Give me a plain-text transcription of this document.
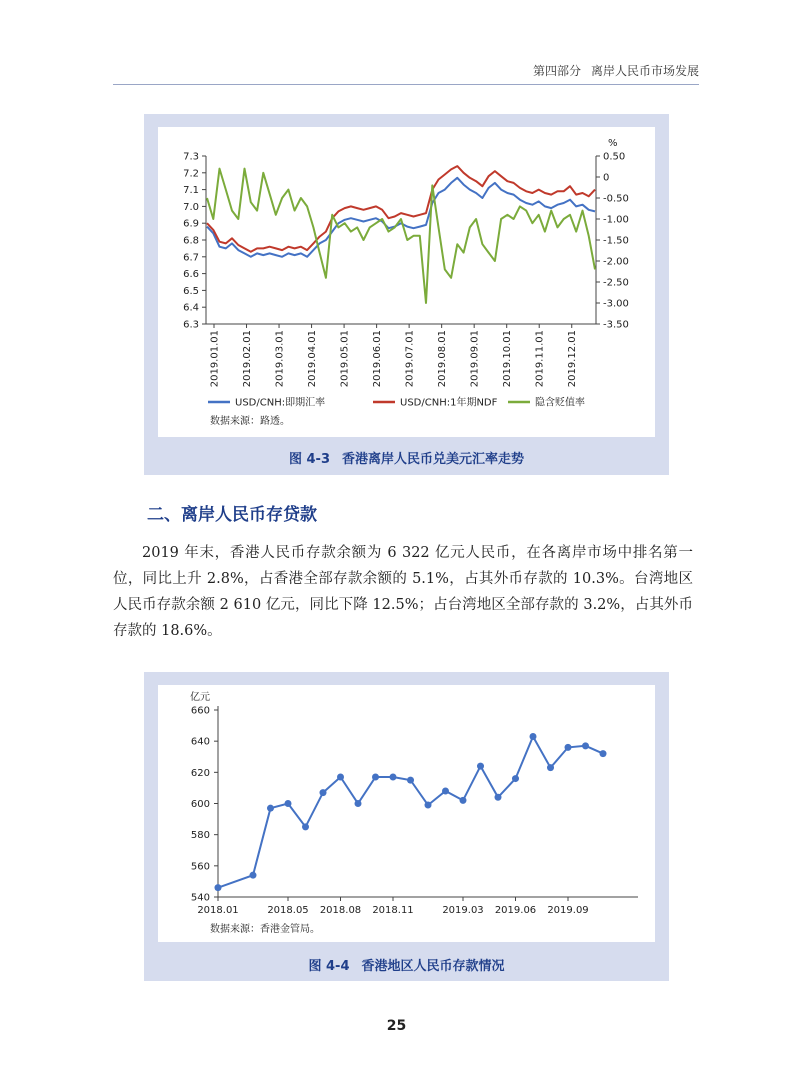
第四部分 离岸人民币市场发展
7.3
7.2
7.1
7.0
6.9
6.8
6.7
6.6
6.5
6.4
6.3
0.50
0
-0.50
-1.00
-1.50
-2.00
-2.50
-3.00
-3.50
%
2019.01.01 2019.02.01 2019.03.01 2019.04.01 2019.05.01 2019.06.01 2019.07.01 2019.08.01 2019.09.01 2019.10.01 2019.11.01 2019.12.01
USD/CNH:即期汇率	USD/CNH:1年期NDF	隐含贬值率
数据来源：路透。
图 4-3 香港离岸人民币兑美元汇率走势
二、离岸人民币存贷款
2019 年末，香港人民币存款余额为 6 322 亿元人民币，在各离岸市场中排名第一位，同比上升 2.8%，占香港全部存款余额的 5.1%，占其外币存款的 10.3%。台湾地区人民币存款余额 2 610 亿元，同比下降 12.5%；占台湾地区全部存款的 3.2%，占其外币存款的 18.6%。
亿元
660
640
620
600
580
560
540
2018.01	2018.05 2018.08 2018.11	2019.03 2019.06 2019.09
数据来源：香港金管局。
图 4-4 香港地区人民币存款情况
25
